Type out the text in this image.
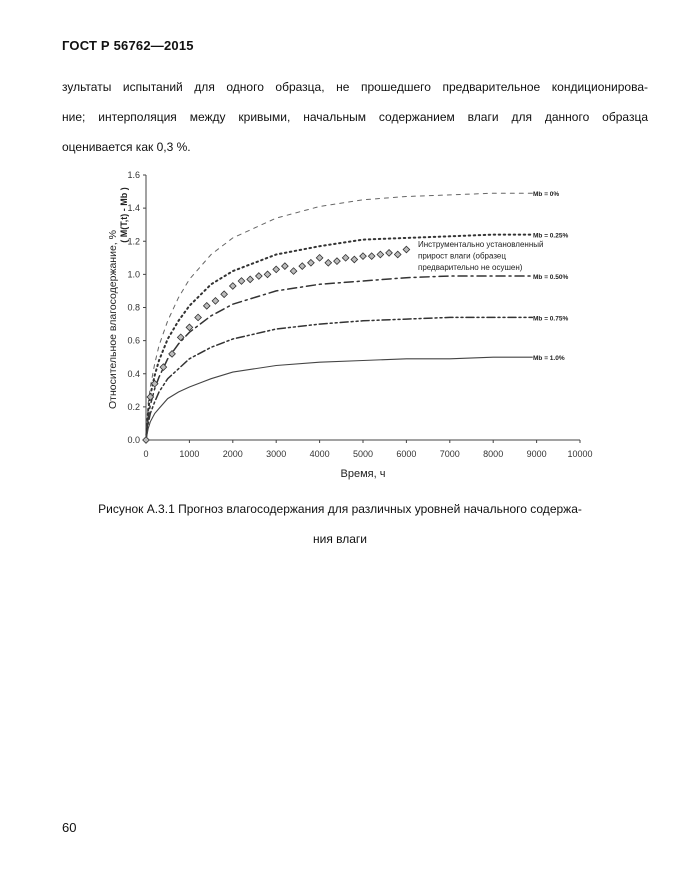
ГОСТ Р 56762—2015
зультаты испытаний для одного образца, не прошедшего предварительное кондиционирова-
ние; интерполяция между кривыми, начальным содержанием влаги для данного образца
оценивается как 0,3 %.
0	1000	2000	3000	4000	5000	6000	7000	8000	9000 10000
0.0
0.2
0.4
0.6
0.8
1.0
1.2
1.4
1.6
Время, ч
Относительное влагосодержание, %
( M(T,t) - Mb )	Mb = 0%
Mb = 0.25%
Mb = 0.50%
Mb = 0.75%
Mb = 1.0%
Инструментально установленный
прирост влаги (образец
предварительно не осушен)
Рисунок А.3.1 Прогноз влагосодержания для различных уровней начального содержа-
ния влаги
60
